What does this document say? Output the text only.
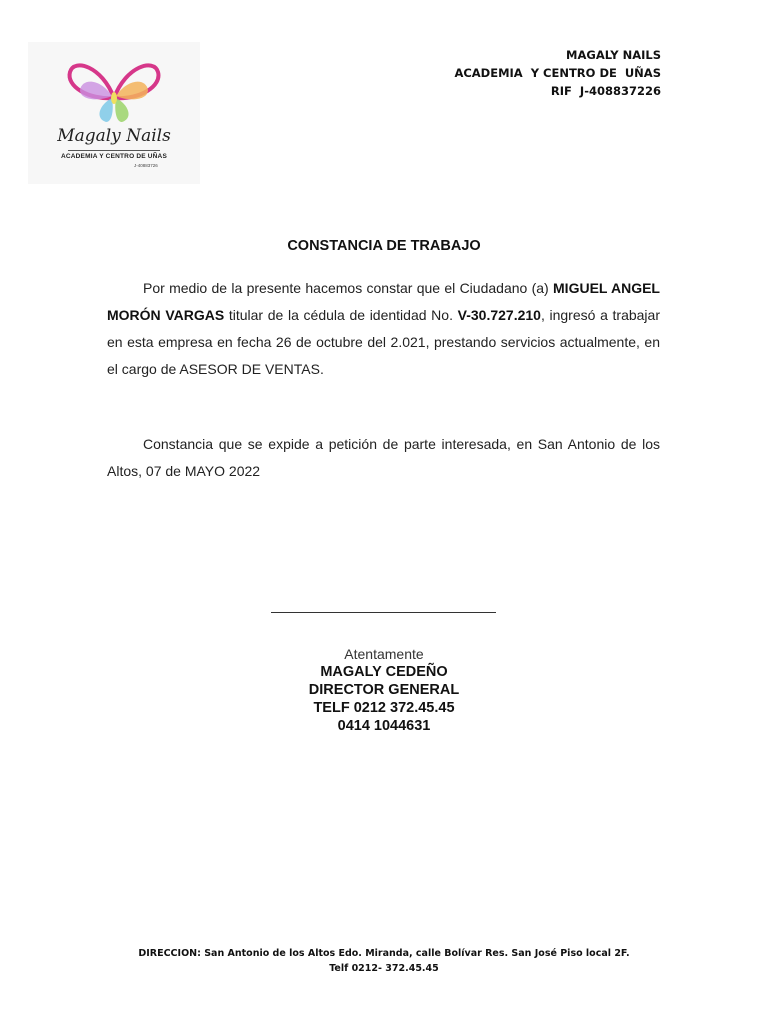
Magaly Nails
ACADEMIA Y CENTRO DE UÑAS
J-40883726
MAGALY NAILS
ACADEMIA  Y CENTRO DE  UÑAS
RIF  J-408837226
CONSTANCIA DE TRABAJO
Por medio de la presente hacemos constar que el Ciudadano (a) MIGUEL ANGEL MORÓN VARGAS titular de la cédula de identidad No. V-30.727.210, ingresó a trabajar en esta empresa en fecha 26 de octubre del 2.021, prestando servicios actualmente, en el cargo de ASESOR DE VENTAS.
Constancia que se expide a petición de parte interesada, en San Antonio de los Altos, 07 de MAYO 2022
Atentamente
MAGALY CEDEÑO
DIRECTOR GENERAL
TELF 0212 372.45.45
0414 1044631
DIRECCION: San Antonio de los Altos Edo. Miranda, calle Bolívar Res. San José Piso local 2F.
Telf 0212- 372.45.45
